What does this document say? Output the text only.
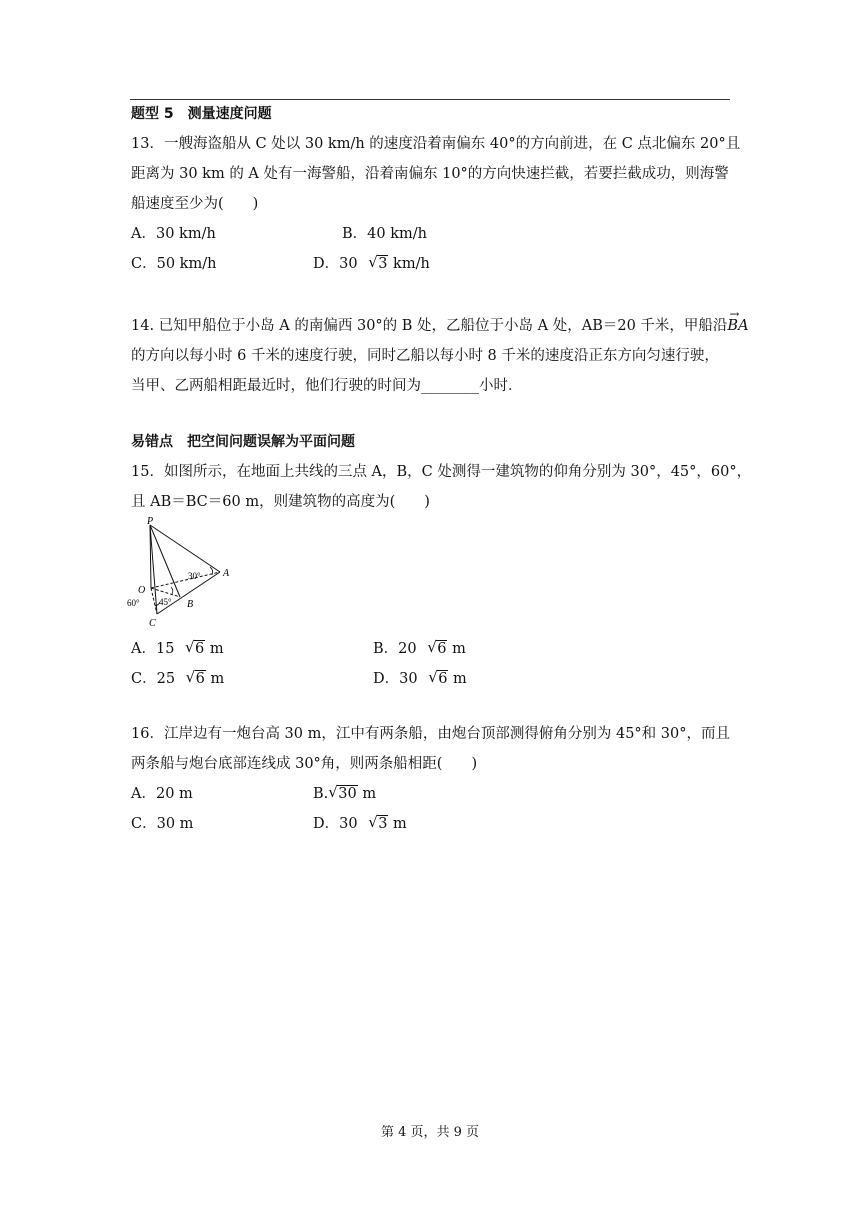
题型 5　测量速度问题
13．一艘海盗船从 C 处以 30 km/h 的速度沿着南偏东 40°的方向前进，在 C 点北偏东 20°且
距离为 30 km 的 A 处有一海警船，沿着南偏东 10°的方向快速拦截，若要拦截成功，则海警
船速度至少为(　　)
A．30 km/h	B．40 km/h
C．50 km/h	D．30 √ 3 km/h
14. 已知甲船位于小岛 A 的南偏西 30°的 B 处，乙船位于小岛 A 处，AB＝20 千米，甲船沿→ BA
的方向以每小时 6 千米的速度行驶，同时乙船以每小时 8 千米的速度沿正东方向匀速行驶，
当甲、乙两船相距最近时，他们行驶的时间为________小时．
易错点　把空间问题误解为平面问题
15．如图所示，在地面上共线的三点 A，B，C 处测得一建筑物的仰角分别为 30°，45°，60°，
且 AB＝BC＝60 m，则建筑物的高度为(　　)
P
O
A
B
C
30°
45°
60°
A．15 √ 6 m	B．20 √ 6 m
C．25 √ 6 m	D．30 √ 6 m
16．江岸边有一炮台高 30 m，江中有两条船，由炮台顶部测得俯角分别为 45°和 30°，而且
两条船与炮台底部连线成 30°角，则两条船相距(　　)
A．20 m	B. √ 30 m
C．30 m	D．30 √ 3 m
第 4 页，共 9 页
